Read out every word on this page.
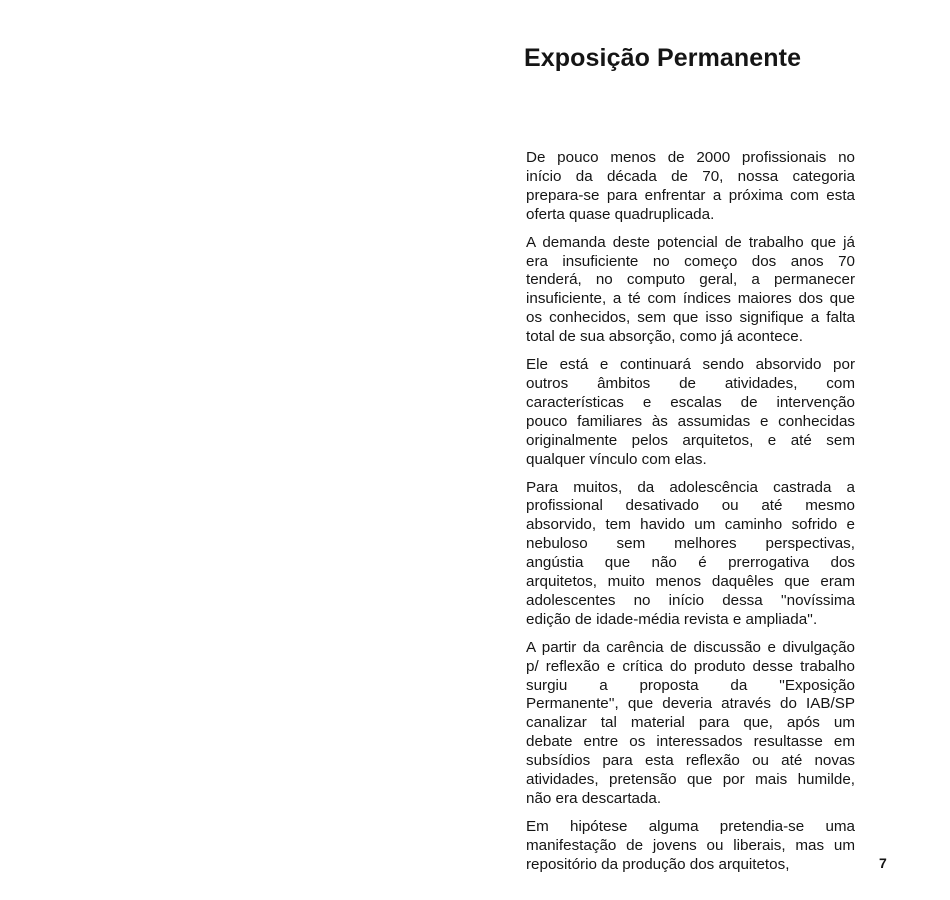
Exposição Permanente

De pouco menos de 2000 profissionais no
início da década de 70, nossa categoria
prepara-se para enfrentar a próxima com esta
oferta quase quadruplicada.

A demanda deste potencial de trabalho que já
era insuficiente no começo dos anos 70
tenderá, no computo geral, a permanecer
insuficiente, a té com índices maiores dos que
os conhecidos, sem que isso signifique a falta
total de sua absorção, como já acontece.

Ele está e continuará sendo absorvido por
outros âmbitos de atividades, com
características e escalas de intervenção
pouco familiares às assumidas e conhecidas
originalmente pelos arquitetos, e até sem
qualquer vínculo com elas.

Para muitos, da adolescência castrada a
profissional desativado ou até mesmo
absorvido, tem havido um caminho sofrido e
nebuloso sem melhores perspectivas,
angústia que não é prerrogativa dos
arquitetos, muito menos daquêles que eram
adolescentes no início dessa ''novíssima
edição de idade-média revista e ampliada''.

A partir da carência de discussão e divulgação
p/ reflexão e crítica do produto desse trabalho
surgiu a proposta da ''Exposição
Permanente'', que deveria através do IAB/SP
canalizar tal material para que, após um
debate entre os interessados resultasse em
subsídios para esta reflexão ou até novas
atividades, pretensão que por mais humilde,
não era descartada.

Em hipótese alguma pretendia-se uma
manifestação de jovens ou liberais, mas um
repositório da produção dos arquitetos,	7
